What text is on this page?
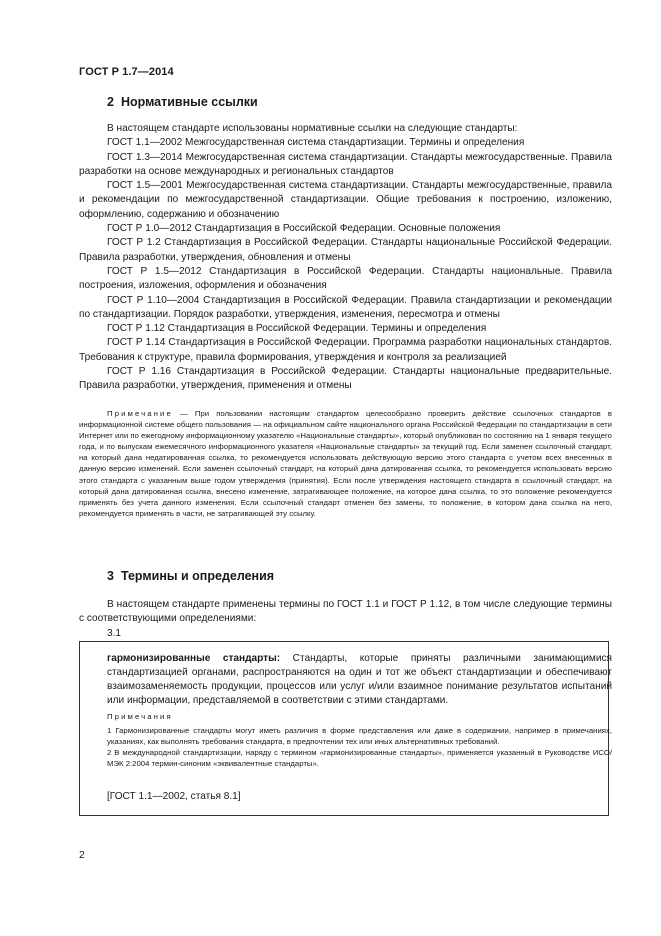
ГОСТ Р 1.7—2014
2 Нормативные ссылки
В настоящем стандарте использованы нормативные ссылки на следующие стандарты:
ГОСТ 1.1—2002 Межгосударственная система стандартизации. Термины и определения
ГОСТ 1.3—2014 Межгосударственная система стандартизации. Стандарты межгосударственные. Правила разработки на основе международных и региональных стандартов
ГОСТ 1.5—2001 Межгосударственная система стандартизации. Стандарты межгосударственные, правила и рекомендации по межгосударственной стандартизации. Общие требования к построению, изложению, оформлению, содержанию и обозначению
ГОСТ Р 1.0—2012 Стандартизация в Российской Федерации. Основные положения
ГОСТ Р 1.2 Стандартизация в Российской Федерации. Стандарты национальные Российской Федерации. Правила разработки, утверждения, обновления и отмены
ГОСТ Р 1.5—2012 Стандартизация в Российской Федерации. Стандарты национальные. Правила построения, изложения, оформления и обозначения
ГОСТ Р 1.10—2004 Стандартизация в Российской Федерации. Правила стандартизации и рекомендации по стандартизации. Порядок разработки, утверждения, изменения, пересмотра и отмены
ГОСТ Р 1.12 Стандартизация в Российской Федерации. Термины и определения
ГОСТ Р 1.14 Стандартизация в Российской Федерации. Программа разработки национальных стандартов. Требования к структуре, правила формирования, утверждения и контроля за реализацией
ГОСТ Р 1.16 Стандартизация в Российской Федерации. Стандарты национальные предварительные. Правила разработки, утверждения, применения и отмены
Примечание — При пользовании настоящим стандартом целесообразно проверить действие ссылочных стандартов в информационной системе общего пользования — на официальном сайте национального органа Российской Федерации по стандартизации в сети Интернет или по ежегодному информационному указателю «Национальные стандарты», который опубликован по состоянию на 1 января текущего года, и по выпускам ежемесячного информационного указателя «Национальные стандарты» за текущий год. Если заменен ссылочный стандарт, на который дана недатированная ссылка, то рекомендуется использовать действующую версию этого стандарта с учетом всех внесенных в данную версию изменений. Если заменен ссылочный стандарт, на который дана датированная ссылка, то рекомендуется использовать версию этого стандарта с указанным выше годом утверждения (принятия). Если после утверждения настоящего стандарта в ссылочный стандарт, на который дана датированная ссылка, внесено изменение, затрагивающее положение, на которое дана ссылка, то это положение рекомендуется применять без учета данного изменения. Если ссылочный стандарт отменен без замены, то положение, в котором дана ссылка на него, рекомендуется применять в части, не затрагивающей эту ссылку.
3 Термины и определения
В настоящем стандарте применены термины по ГОСТ 1.1 и ГОСТ Р 1.12, в том числе следующие термины с соответствующими определениями:
3.1
гармонизированные стандарты: Стандарты, которые приняты различными занимающимися стандартизацией органами, распространяются на один и тот же объект стандартизации и обеспечивают взаимозаменяемость продукции, процессов или услуг и/или взаимное понимание результатов испытаний или информации, представляемой в соответствии с этими стандартами.
Примечания
1 Гармонизированные стандарты могут иметь различия в форме представления или даже в содержании, например в примечаниях, указаниях, как выполнять требования стандарта, в предпочтении тех или иных альтернативных требований.
2 В международной стандартизации, наряду с термином «гармонизированные стандарты», применяется указанный в Руководстве ИСО/МЭК 2:2004 термин-синоним «эквивалентные стандарты».
[ГОСТ 1.1—2002, статья 8.1]
2
